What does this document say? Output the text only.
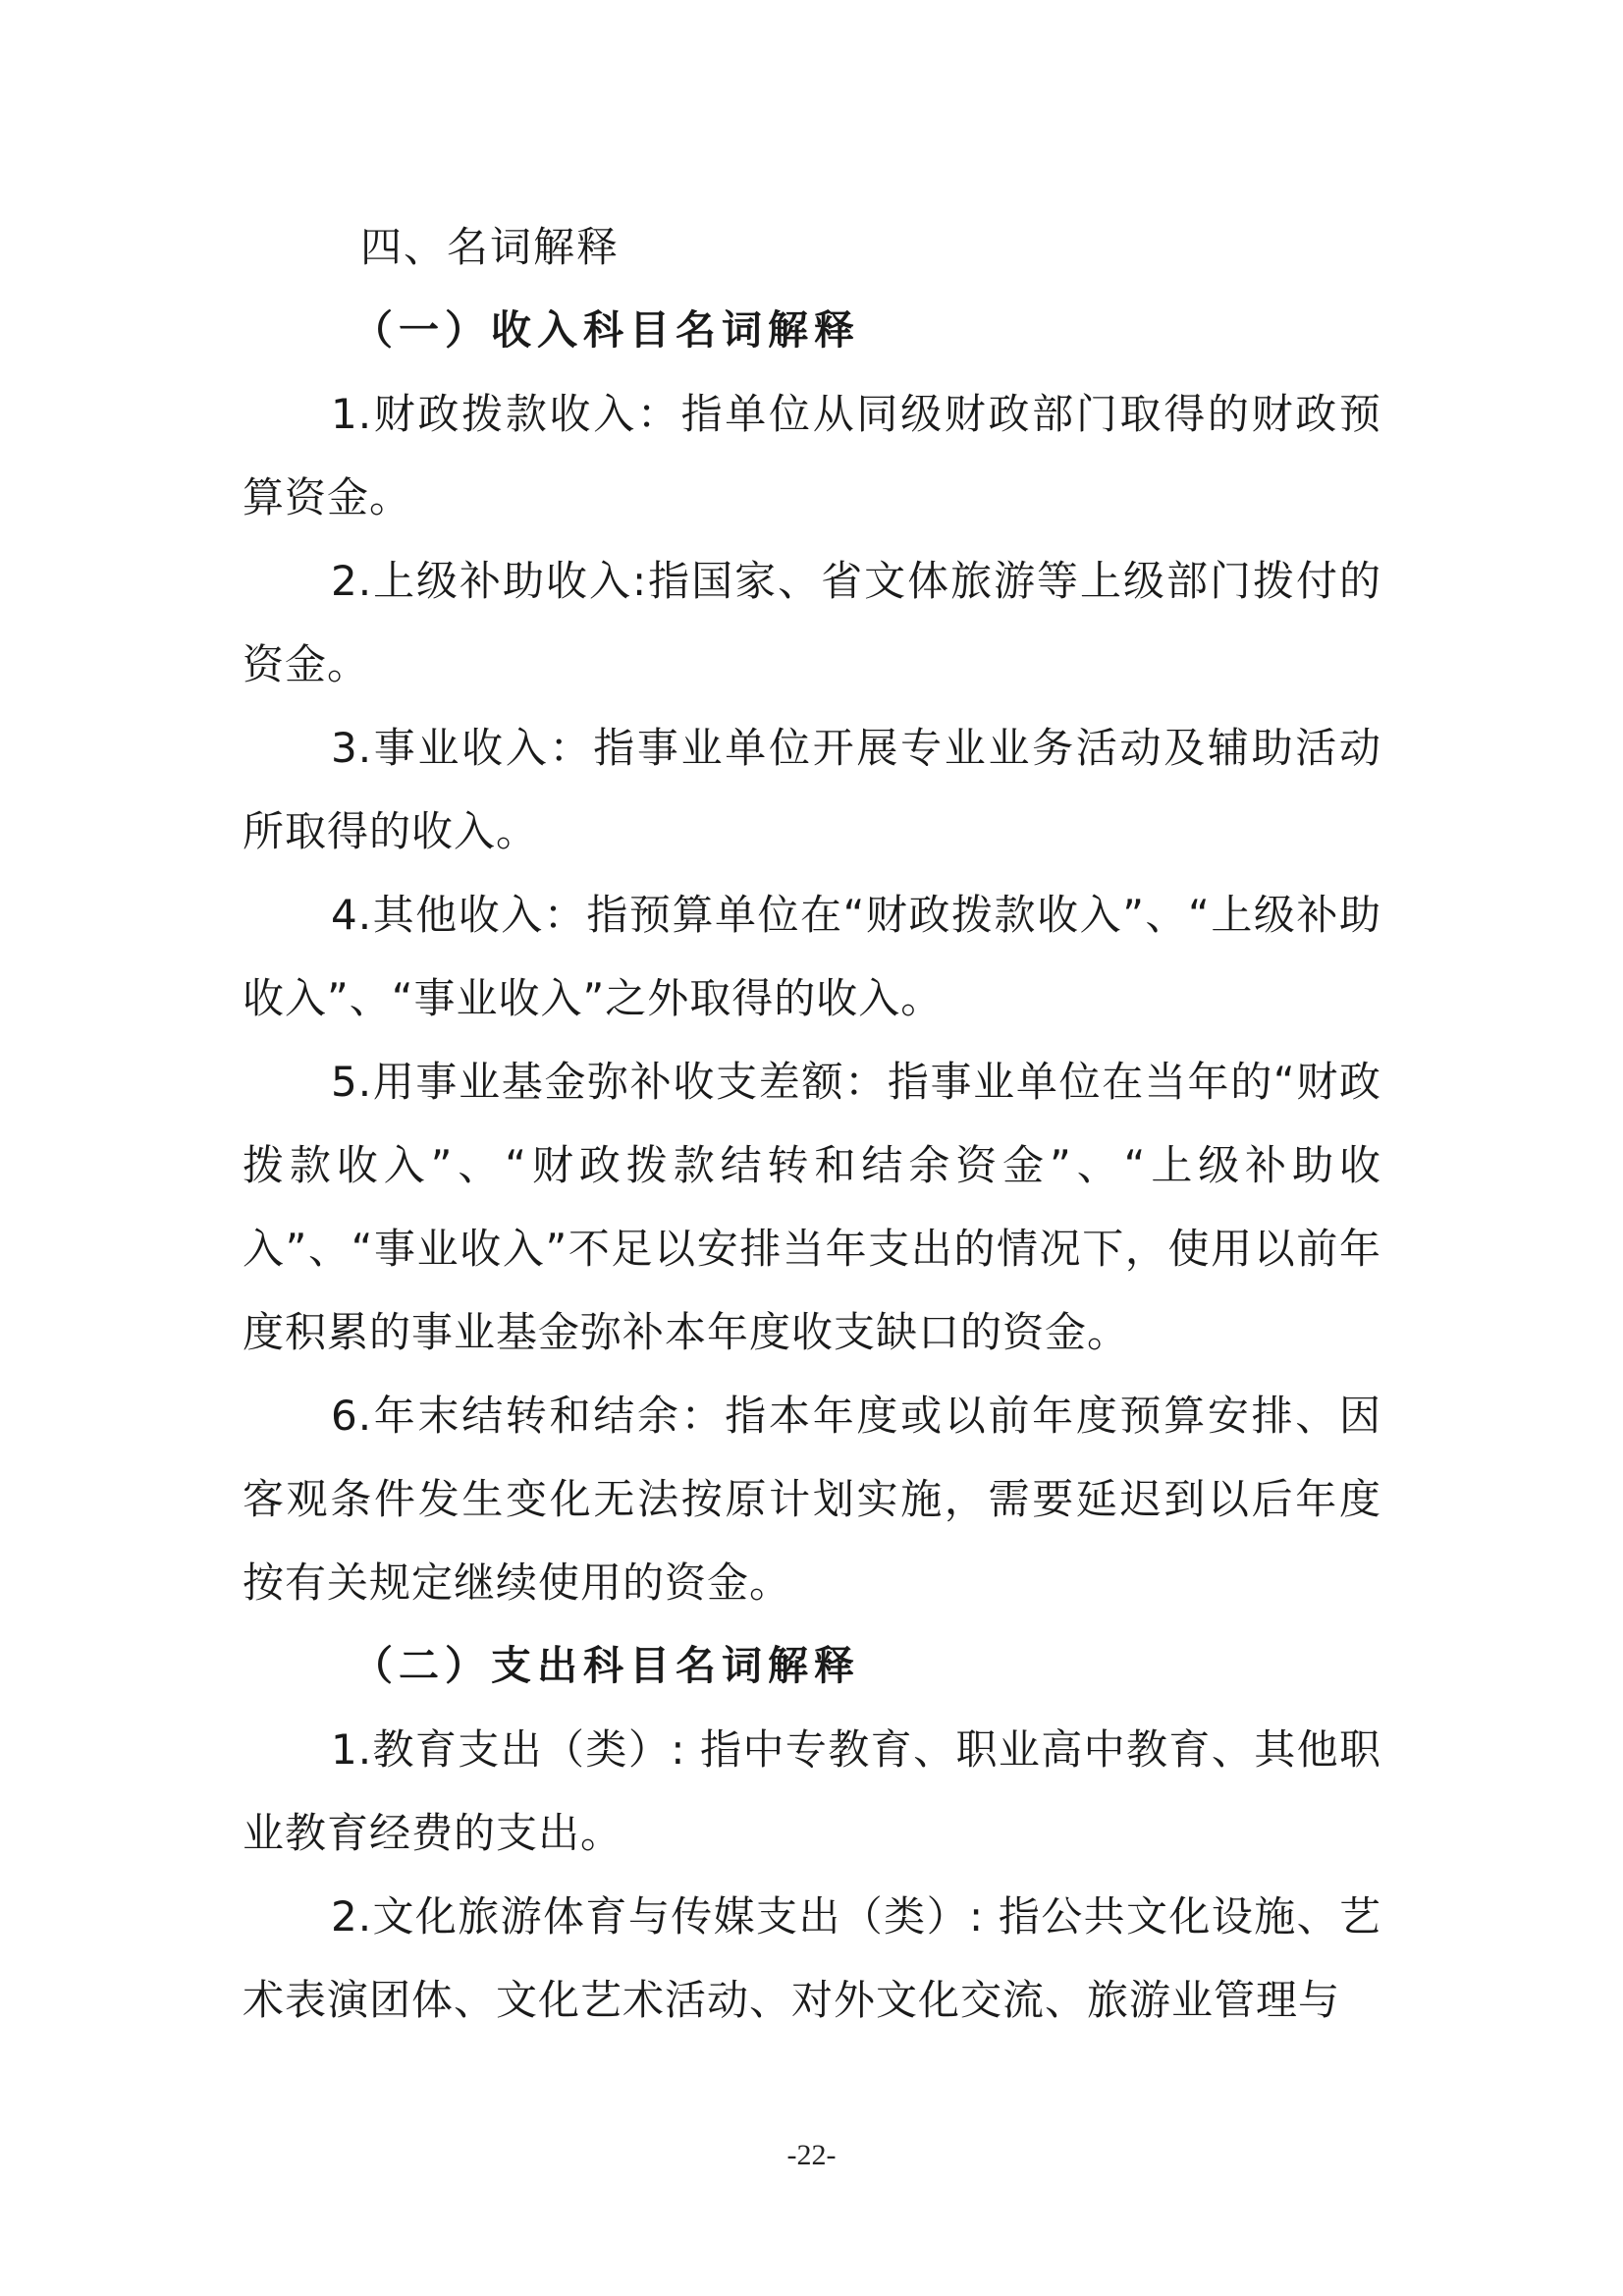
四、名词解释
（一）收入科目名词解释

1.财政拨款收入：指单位从同级财政部门取得的财政预算资金。

2.上级补助收入:指国家、省文体旅游等上级部门拨付的资金。

3.事业收入：指事业单位开展专业业务活动及辅助活动所取得的收入。

4.其他收入：指预算单位在“财政拨款收入”、“上级补助收入”、“事业收入”之外取得的收入。

5.用事业基金弥补收支差额：指事业单位在当年的“财政拨款收入”、“财政拨款结转和结余资金”、“上级补助收入”、“事业收入”不足以安排当年支出的情况下，使用以前年度积累的事业基金弥补本年度收支缺口的资金。

6.年末结转和结余：指本年度或以前年度预算安排、因客观条件发生变化无法按原计划实施，需要延迟到以后年度按有关规定继续使用的资金。

（二）支出科目名词解释

1.教育支出（类）: 指中专教育、职业高中教育、其他职业教育经费的支出。

2.文化旅游体育与传媒支出（类）: 指公共文化设施、艺术表演团体、文化艺术活动、对外文化交流、旅游业管理与

-22-
